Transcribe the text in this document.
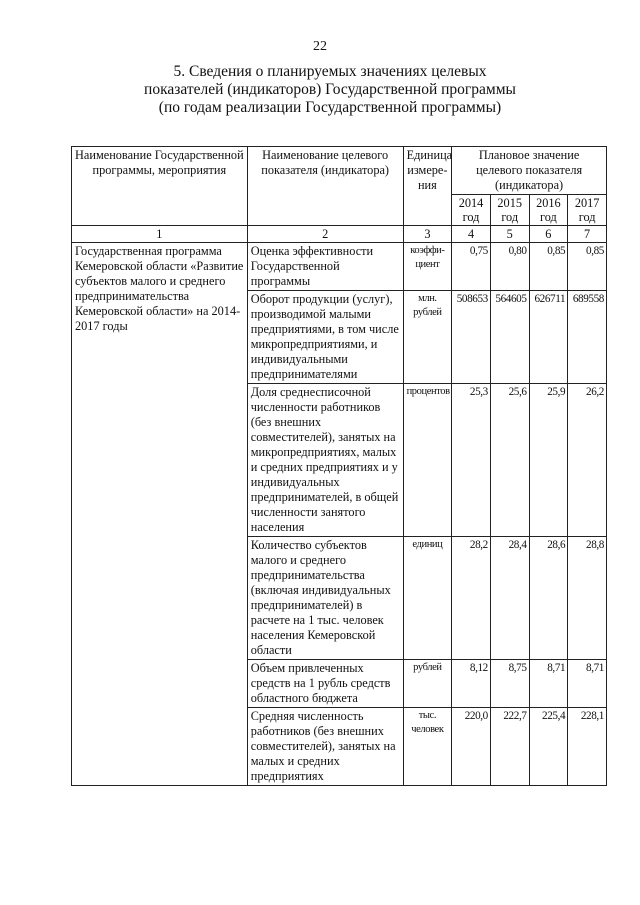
22
5. Сведения о планируемых значениях целевых
показателей (индикаторов) Государственной программы
(по годам реализации Государственной программы)
Наименование Государственной программы, мероприятия	Наименование целевого показателя (индикатора)	Единица измере-ния	Плановое значение целевого показателя (индикатора)			
			2014 год	2015 год	2016 год	2017 год
1	2	3	4	5	6	7
Государственная программа Кемеровской области «Развитие субъектов малого и среднего предпринимательства Кемеровской области» на 2014-2017 годы	Оценка эффективности Государственной программы	коэффи-циент	0,75	0,80	0,85	0,85
	Оборот продукции (услуг), производимой малыми предприятиями, в том числе микропредприятиями, и индивидуальными предпринимателями	млн. рублей	508653	564605	626711	689558
	Доля среднесписочной численности работников (без внешних совместителей), занятых на микропредприятиях, малых и средних предприятиях и у индивидуальных предпринимателей, в общей численности занятого населения	процентов	25,3	25,6	25,9	26,2
	Количество субъектов малого и среднего предпринимательства (включая индивидуальных предпринимателей) в расчете на 1 тыс. человек населения Кемеровской области	единиц	28,2	28,4	28,6	28,8
	Объем привлеченных средств на 1 рубль средств областного бюджета	рублей	8,12	8,75	8,71	8,71
	Средняя численность работников (без внешних совместителей), занятых на малых и средних предприятиях	тыс. человек	220,0	222,7	225,4	228,1
